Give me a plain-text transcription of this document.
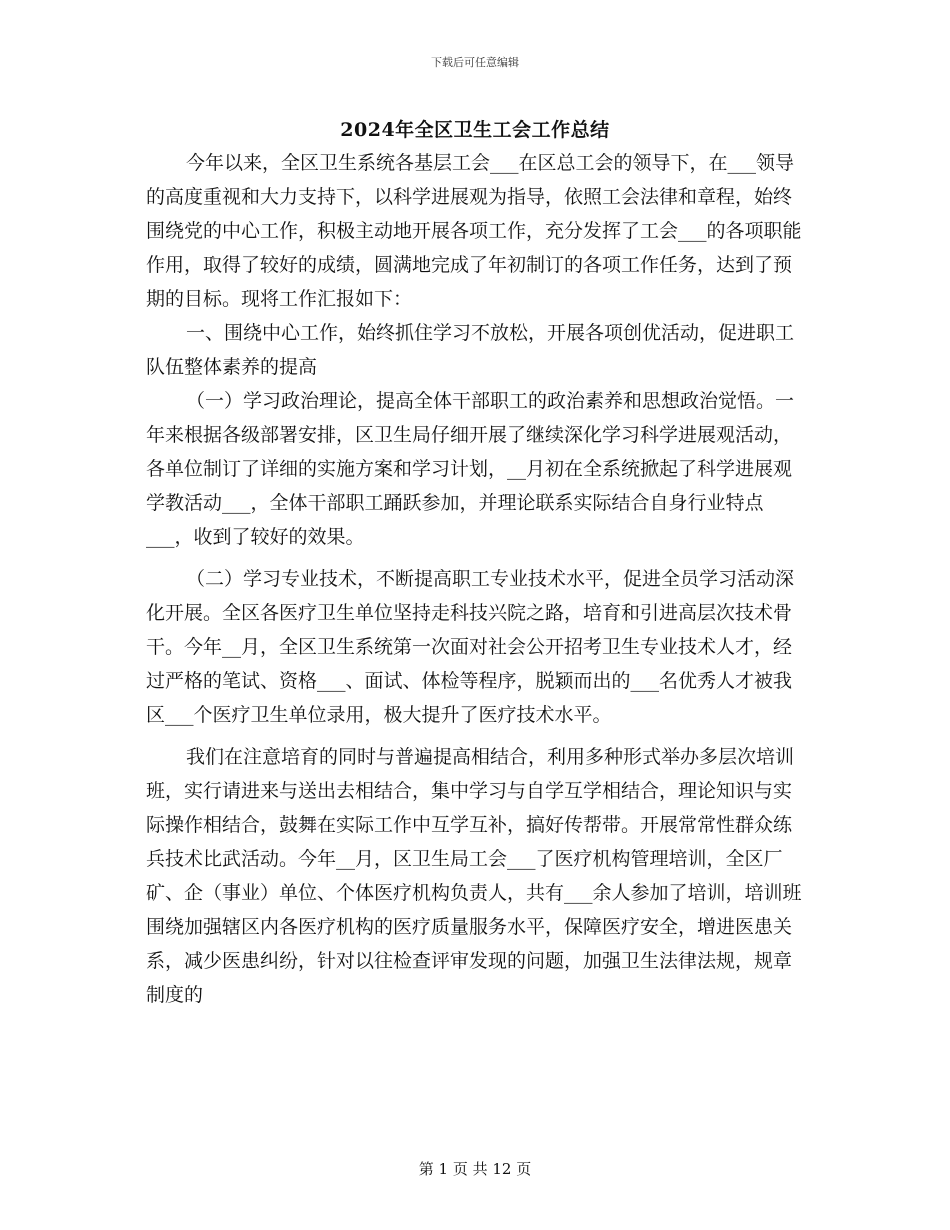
下载后可任意编辑
2024年全区卫生工会工作总结

今年以来，全区卫生系统各基层工会___在区总工会的领导下，在___领导的高度重视和大力支持下，以科学进展观为指导，依照工会法律和章程，始终围绕党的中心工作，积极主动地开展各项工作，充分发挥了工会___的各项职能作用，取得了较好的成绩，圆满地完成了年初制订的各项工作任务，达到了预期的目标。现将工作汇报如下：

一、围绕中心工作，始终抓住学习不放松，开展各项创优活动，促进职工队伍整体素养的提高

（一）学习政治理论，提高全体干部职工的政治素养和思想政治觉悟。一年来根据各级部署安排，区卫生局仔细开展了继续深化学习科学进展观活动，各单位制订了详细的实施方案和学习计划，__月初在全系统掀起了科学进展观学教活动___，全体干部职工踊跃参加，并理论联系实际结合自身行业特点___，收到了较好的效果。

（二）学习专业技术，不断提高职工专业技术水平，促进全员学习活动深化开展。全区各医疗卫生单位坚持走科技兴院之路，培育和引进高层次技术骨干。今年__月，全区卫生系统第一次面对社会公开招考卫生专业技术人才，经过严格的笔试、资格___、面试、体检等程序，脱颖而出的___名优秀人才被我区___个医疗卫生单位录用，极大提升了医疗技术水平。

我们在注意培育的同时与普遍提高相结合，利用多种形式举办多层次培训班，实行请进来与送出去相结合，集中学习与自学互学相结合，理论知识与实际操作相结合，鼓舞在实际工作中互学互补，搞好传帮带。开展常常性群众练兵技术比武活动。今年__月，区卫生局工会___了医疗机构管理培训，全区厂矿、企（事业）单位、个体医疗机构负责人，共有___余人参加了培训，培训班围绕加强辖区内各医疗机构的医疗质量服务水平，保障医疗安全，增进医患关系，减少医患纠纷，针对以往检查评审发现的问题，加强卫生法律法规，规章制度的

第 1 页 共 12 页
